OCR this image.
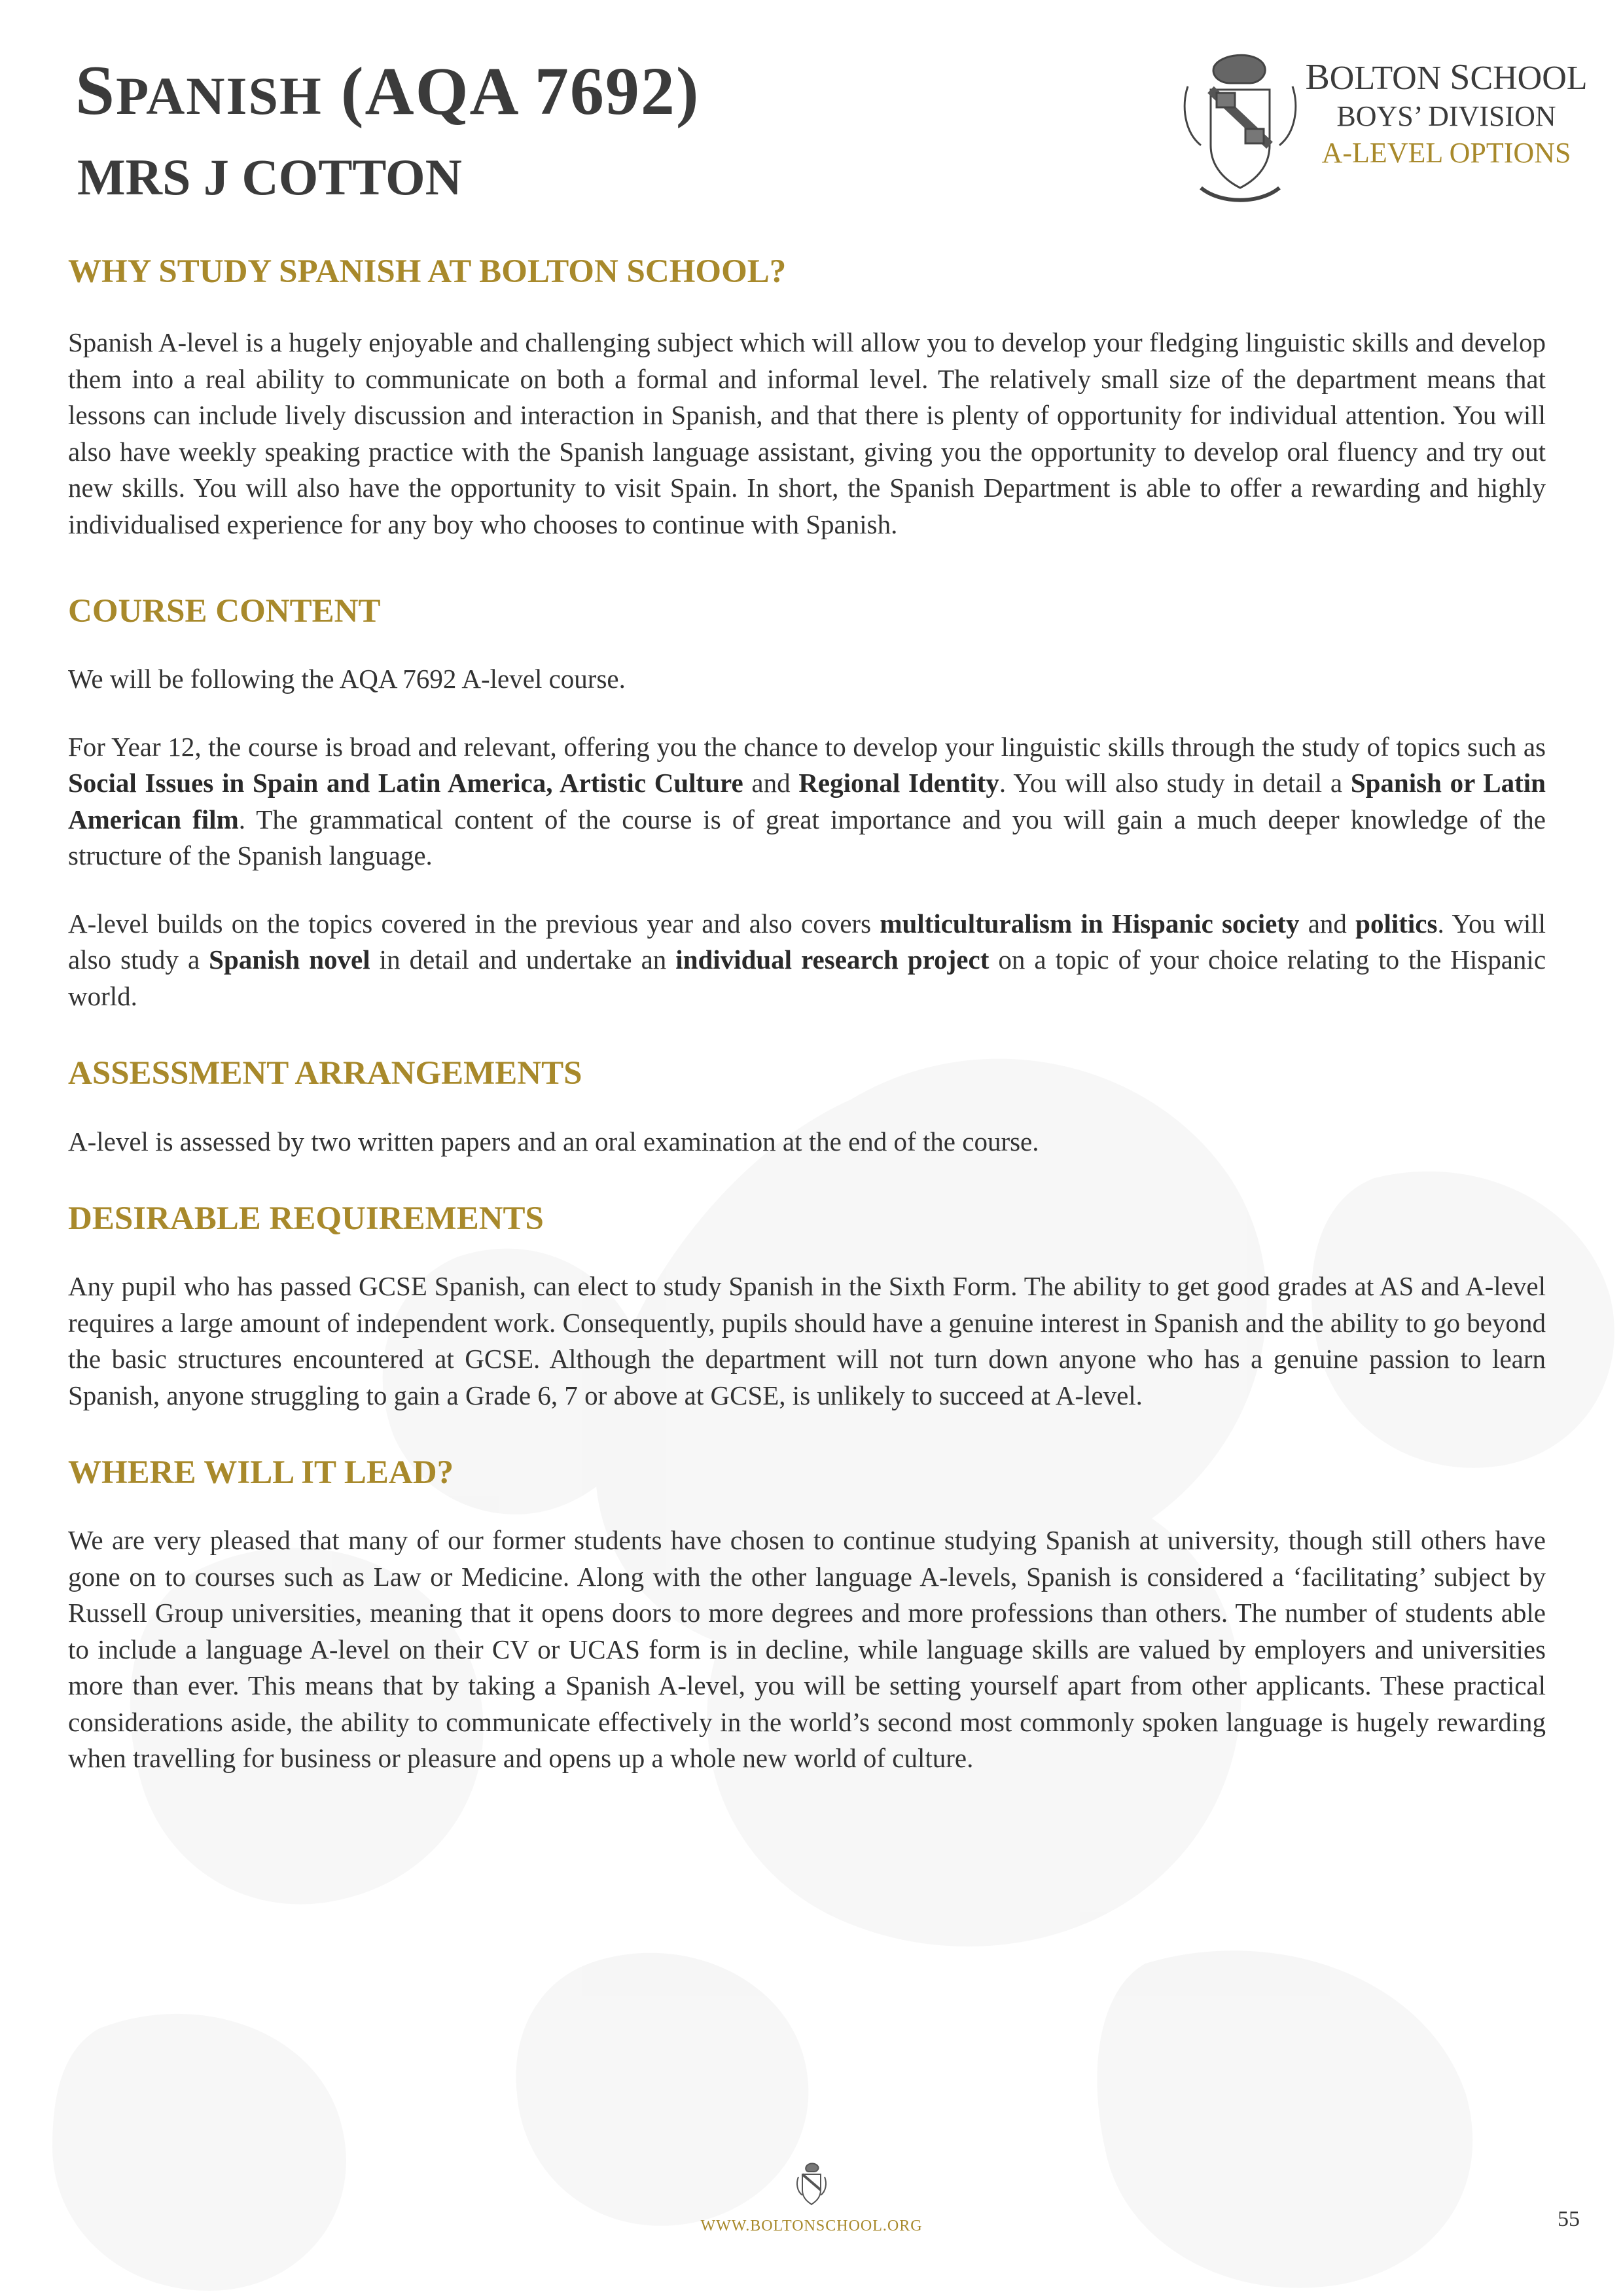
SPANISH (AQA 7692)
MRS J COTTON
BOLTON SCHOOL
BOYS’ DIVISION
A-LEVEL OPTIONS
WHY STUDY SPANISH AT BOLTON SCHOOL?

Spanish A-level is a hugely enjoyable and challenging subject which will allow you to develop your fledging linguistic skills and develop them into a real ability to communicate on both a formal and informal level. The relatively small size of the department means that lessons can include lively discussion and interaction in Spanish, and that there is plenty of opportunity for individual attention. You will also have weekly speaking practice with the Spanish language assistant, giving you the opportunity to develop oral fluency and try out new skills. You will also have the opportunity to visit Spain. In short, the Spanish Department is able to offer a rewarding and highly individualised experience for any boy who chooses to continue with Spanish.

COURSE CONTENT

We will be following the AQA 7692 A-level course.

For Year 12, the course is broad and relevant, offering you the chance to develop your linguistic skills through the study of topics such as Social Issues in Spain and Latin America, Artistic Culture and Regional Identity. You will also study in detail a Spanish or Latin American film. The grammatical content of the course is of great importance and you will gain a much deeper knowledge of the structure of the Spanish language.

A-level builds on the topics covered in the previous year and also covers multiculturalism in Hispanic society and politics. You will also study a Spanish novel in detail and undertake an individual research project on a topic of your choice relating to the Hispanic world.

ASSESSMENT ARRANGEMENTS

A-level is assessed by two written papers and an oral examination at the end of the course.

DESIRABLE REQUIREMENTS

Any pupil who has passed GCSE Spanish, can elect to study Spanish in the Sixth Form. The ability to get good grades at AS and A-level requires a large amount of independent work. Consequently, pupils should have a genuine interest in Spanish and the ability to go beyond the basic structures encountered at GCSE. Although the department will not turn down anyone who has a genuine passion to learn Spanish, anyone struggling to gain a Grade 6, 7 or above at GCSE, is unlikely to succeed at A-level.

WHERE WILL IT LEAD?

We are very pleased that many of our former students have chosen to continue studying Spanish at university, though still others have gone on to courses such as Law or Medicine. Along with the other language A-levels, Spanish is considered a ‘facilitating’ subject by Russell Group universities, meaning that it opens doors to more degrees and more professions than others. The number of students able to include a language A-level on their CV or UCAS form is in decline, while language skills are valued by employers and universities more than ever. This means that by taking a Spanish A-level, you will be setting yourself apart from other applicants. These practical considerations aside, the ability to communicate effectively in the world’s second most commonly spoken language is hugely rewarding when travelling for business or pleasure and opens up a whole new world of culture.

WWW.BOLTONSCHOOL.ORG	55
